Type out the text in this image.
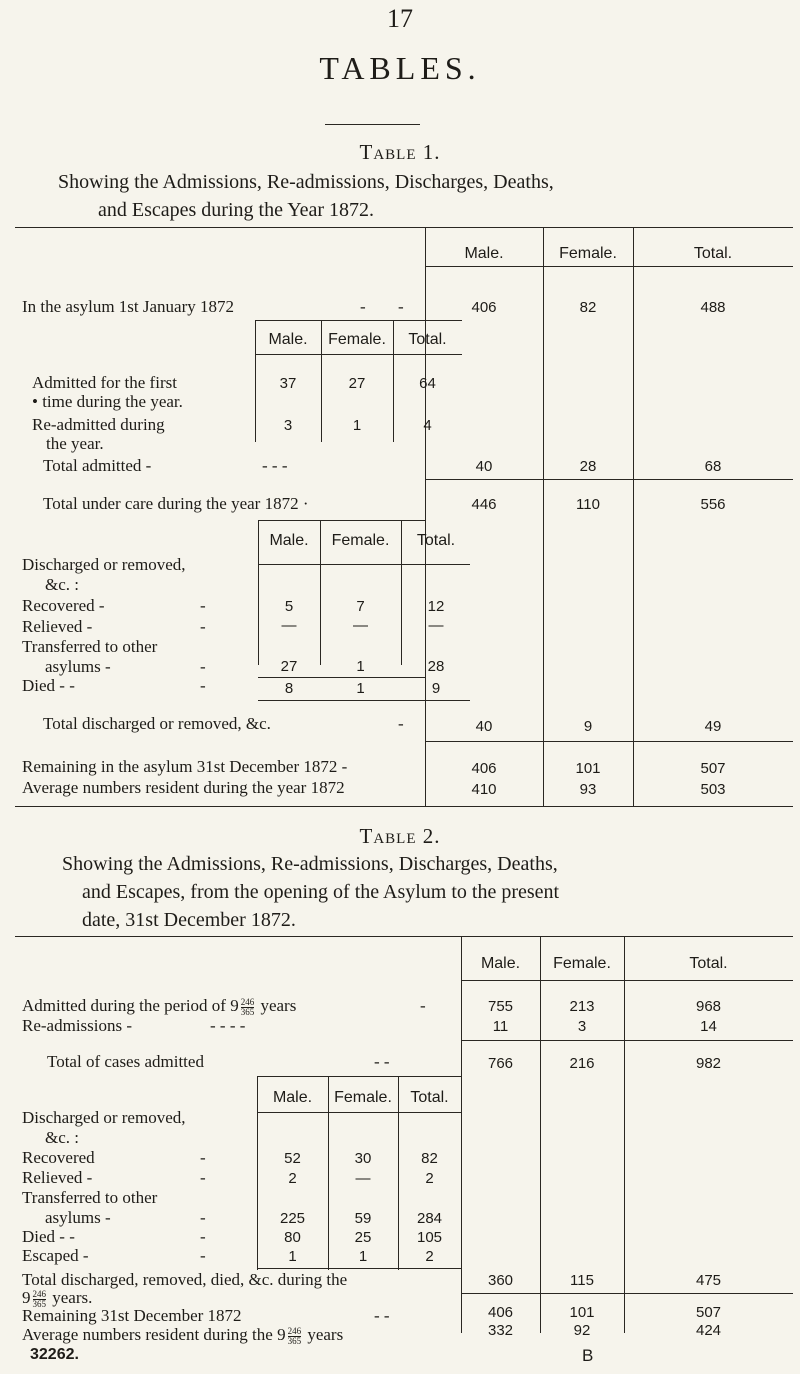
17
TABLES.
Table 1.
Showing the Admissions, Re-admissions, Discharges, Deaths,
and Escapes during the Year 1872.
Male.	Female.	Total.
In the asylum 1st January 1872	- -	406	82	488
Male.	Female.	Total.
Admitted for the first
• time during the year.
37	27	64
Re-admitted during
the year.
3	1	4
Total admitted -	- - -	40	28	68
Total under care during the year 1872 ·	446	110	556
Male.	Female.	Total.
Discharged or removed,
&c. :
Recovered -	-	5	7	12
Relieved -	-	—	—	—
Transferred to other
asylums -	-	27	1	28
Died - -	-	8	1	9
Total discharged or removed, &c.	-	40	9	49
Remaining in the asylum 31st December 1872 -	406	101	507
Average numbers resident during the year 1872	410	93	503
Table 2.
Showing the Admissions, Re-admissions, Discharges, Deaths,
and Escapes, from the opening of the Asylum to the present
date, 31st December 1872.
Male.	Female.	Total.
Admitted during the period of $9 \frac{246}{365}$ years	-	755	213	968
Re-admissions -	- - - -	11	3	14
Total of cases admitted	- -	766	216	982
Male.	Female.	Total.
Discharged or removed,
&c. :
Recovered	-	52	30	82
Relieved -	-	2	—	2
Transferred to other
asylums -	-	225	59	284
Died - -	-	80	25	105
Escaped -	-	1	1	2
Total discharged, removed, died, &c. during the
$9 \frac{246}{365}$ years.
360	115	475
Remaining 31st December 1872	- -	406	101	507
Average numbers resident during the $9 \frac{246}{365}$ years	332	92	424
32262.	B
